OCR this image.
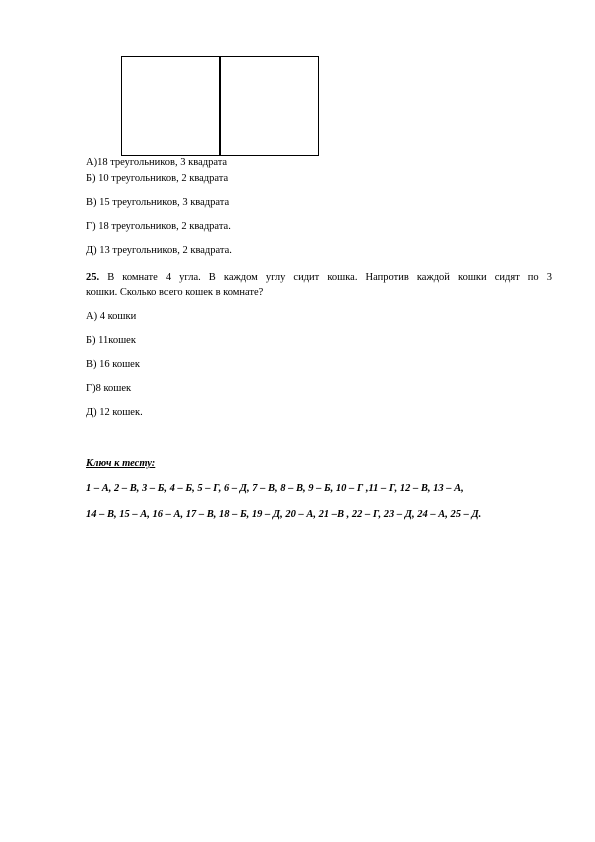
А)18 треугольников, 3 квадрата
Б) 10 треугольников, 2 квадрата
В) 15 треугольников, 3 квадрата
Г) 18 треугольников, 2 квадрата.
Д) 13 треугольников, 2 квадрата.
25. В комнате 4 угла. В каждом углу сидит кошка. Напротив каждой кошки сидят по 3
кошки. Сколько всего кошек в комнате?
А) 4 кошки
Б) 11кошек
В) 16 кошек
Г)8 кошек
Д) 12 кошек.
Ключ к тесту:
1 – А, 2 – В, 3 – Б, 4 – Б, 5 – Г, 6 – Д, 7 – В, 8 – В, 9 – Б, 10 – Г ,11 – Г, 12 – В, 13 – А,
14 – В, 15 – А, 16 – А, 17 – В, 18 – Б, 19 – Д, 20 – А, 21 –В , 22 – Г, 23 – Д, 24 – А, 25 – Д.
